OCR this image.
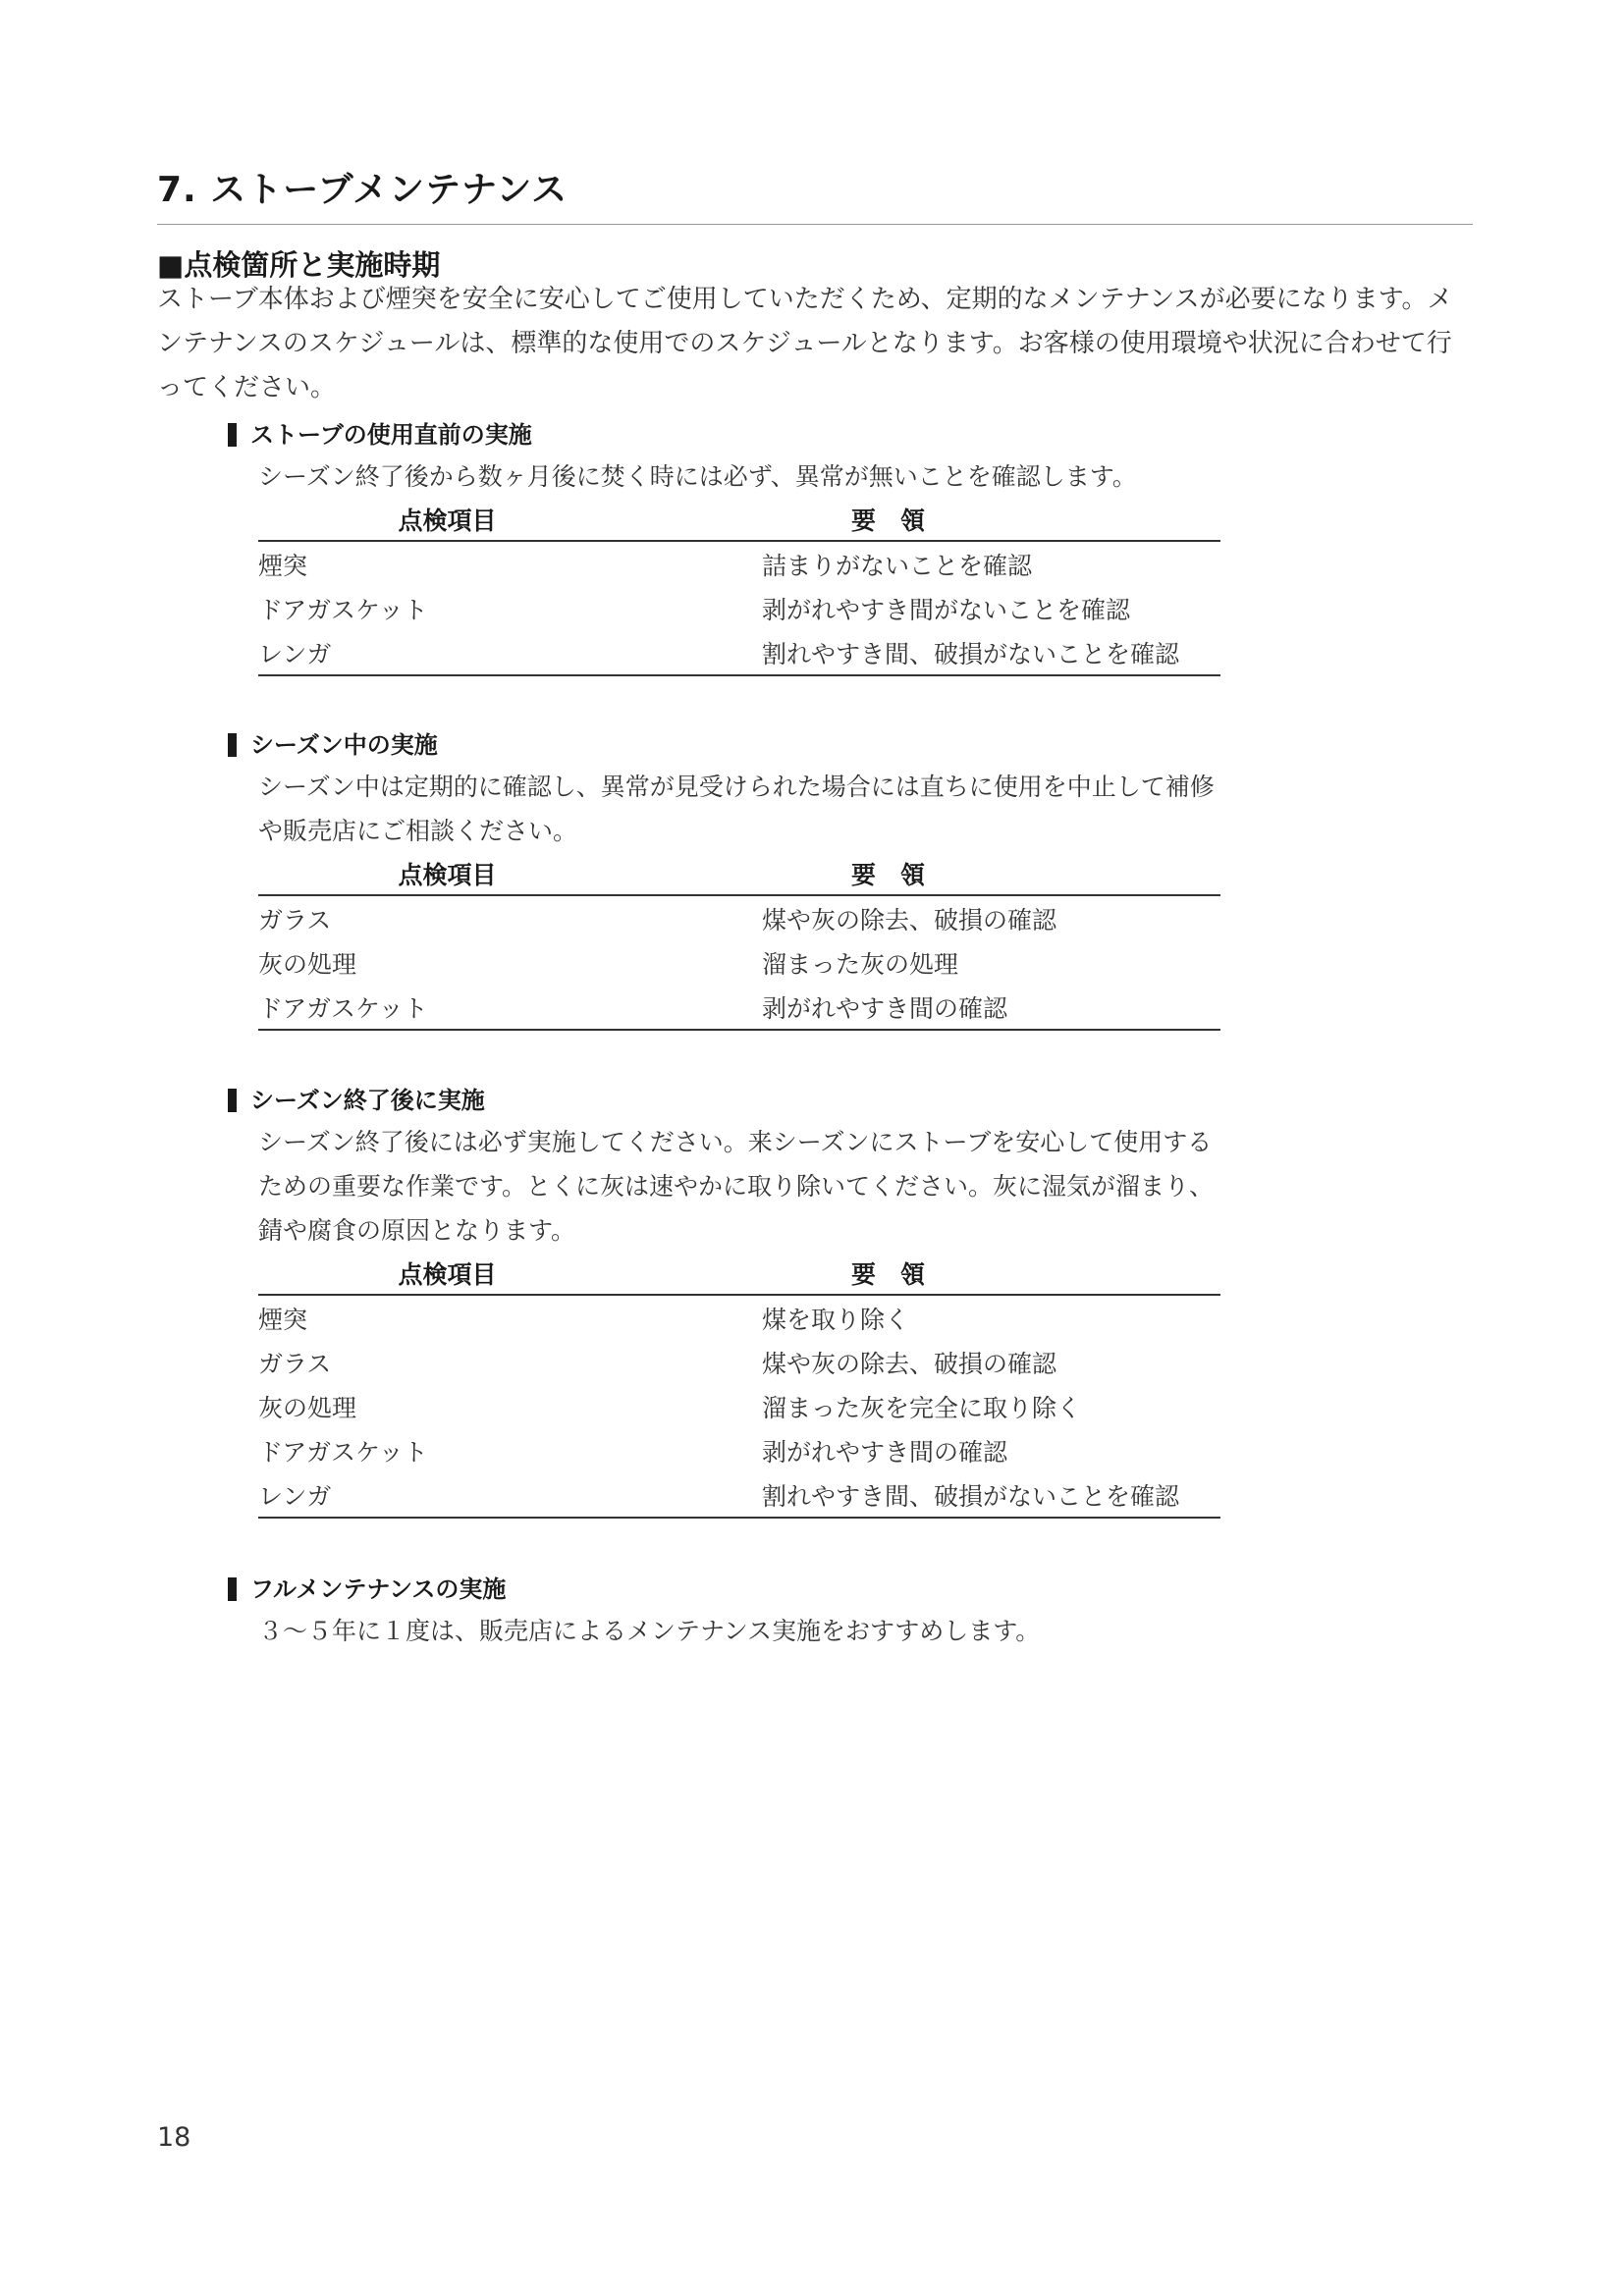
7. ストーブメンテナンス
■点検箇所と実施時期
ストーブ本体および煙突を安全に安心してご使用していただくため、定期的なメンテナンスが必要になります。メンテナンスのスケジュールは、標準的な使用でのスケジュールとなります。お客様の使用環境や状況に合わせて行ってください。
ストーブの使用直前の実施
シーズン終了後から数ヶ月後に焚く時には必ず、異常が無いことを確認します。
点検項目	要　領
煙突	詰まりがないことを確認
ドアガスケット	剥がれやすき間がないことを確認
レンガ	割れやすき間、破損がないことを確認
シーズン中の実施
シーズン中は定期的に確認し、異常が見受けられた場合には直ちに使用を中止して補修や販売店にご相談ください。
点検項目	要　領
ガラス	煤や灰の除去、破損の確認
灰の処理	溜まった灰の処理
ドアガスケット	剥がれやすき間の確認
シーズン終了後に実施
シーズン終了後には必ず実施してください。来シーズンにストーブを安心して使用するための重要な作業です。とくに灰は速やかに取り除いてください。灰に湿気が溜まり、錆や腐食の原因となります。
点検項目	要　領
煙突	煤を取り除く
ガラス	煤や灰の除去、破損の確認
灰の処理	溜まった灰を完全に取り除く
ドアガスケット	剥がれやすき間の確認
レンガ	割れやすき間、破損がないことを確認
フルメンテナンスの実施
３～５年に１度は、販売店によるメンテナンス実施をおすすめします。
18
